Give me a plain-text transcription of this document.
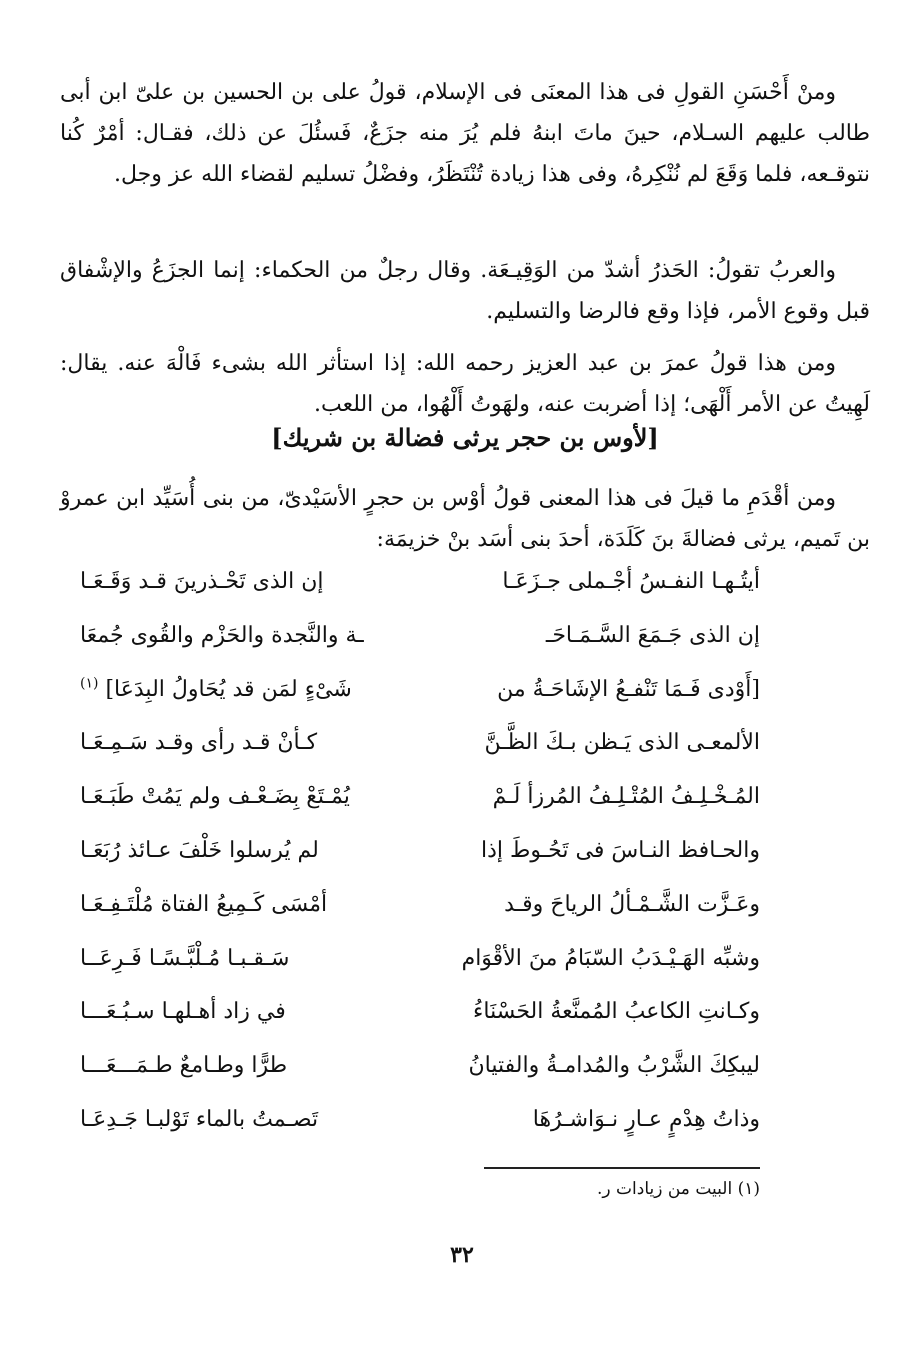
ومنْ أَحْسَنِ القولِ فى هذا المعنَى فى الإسلام، قولُ على بن الحسين بن علىّ ابن أبى طالب عليهم السـلام، حينَ ماتَ ابنهُ فلم يُرَ منه جزَعٌ، فَسئُلَ عن ذلك، فقـال: أمْرٌ كُنا نتوقـعه، فلما وَقَعَ لم نُنْكِرهُ، وفى هذا زيادة تُنْتَظَرُ، وفضْلُ تسليم لقضاء الله عز وجل.

والعربُ تقولُ: الحَذرُ أشدّ من الوَقِيـعَة. وقال رجلٌ من الحكماء: إنما الجزَعُ والإشْفاق قبل وقوع الأمر، فإذا وقع فالرضا والتسليم.

ومن هذا قولُ عمرَ بن عبد العزيز رحمه الله: إذا استأثر الله بشىء فَالْهَ عنه. يقال: لَهِيتُ عن الأمر أَلْهَى؛ إذا أضربت عنه، ولهَوتُ أَلْهُوا، من اللعب.

[لأوس بن حجر يرثى فضالة بن شريك]

ومن أقْدَمِ ما قيلَ فى هذا المعنى قولُ أوْس بن حجرٍ الأسَيْدىّ، من بنى أُسَيِّد ابن عمروْ بن تَميم، يرثى فضالةَ بنَ كَلَدَة، أحدَ بنى أسَد بنْ خزيمَة:

أيتُـهـا النفـسُ أجْـملى جـزَعَـا
إن الذى تَحْـذرينَ قـد وَقَـعَـا
إن الذى جَـمَعَ السَّـمَـاحَـ
ـة والنَّجدة والحَزْم والقُوى جُمعَا
[أَوْدى فَـمَا تَنْفـعُ الإشَاحَـةُ من
شَىْءٍ لمَن قد يُحَاولُ البِدَعَا] $^{(١)}$
الألمعـى الذى يَـظن بـكَ الظَّـنَّ
كـأنْ قـد رأى وقـد سَـمِـعَـا
المُـخْـلِـفُ المُتْـلِـفُ المُرزأ لَـمْ
يُمْـتَعْ بِضَـعْـف ولم يَمُتْ طَبَـعَـا
والحـافظ النـاسَ فى تَحُـوطَ إذا
لم يُرسلوا خَلْفَ عـائذ رُبَعَـا
وعَـزَّت الشَّـمْـألُ الرياحَ وقـد
أمْسَى كَـمِيعُ الفتاة مُلْتَـفِـعَـا
وشبِّه الهَـيْـدَبُ السّبَامُ منَ الأقْوَام
سَـقـبـا مُـلْبَّـسًـا فَـرِعَــا
وكـانتِ الكاعبُ المُمنَّعةُ الحَسْنَاءُ
في زاد أهـلهـا سـبُـعَـــا
ليبكِكَ الشَّرْبُ والمُدامـةُ والفتيانُ
طرًّا وطـامعٌ طـمَـــعَـــا
وذاتُ هِدْمٍ عـارٍ نـوَاشـرُهَا
تَصـمتُ بالماء تَوْلبـا جَـدِعَـا
(١) البيت من زيادات ر.
٣٢
